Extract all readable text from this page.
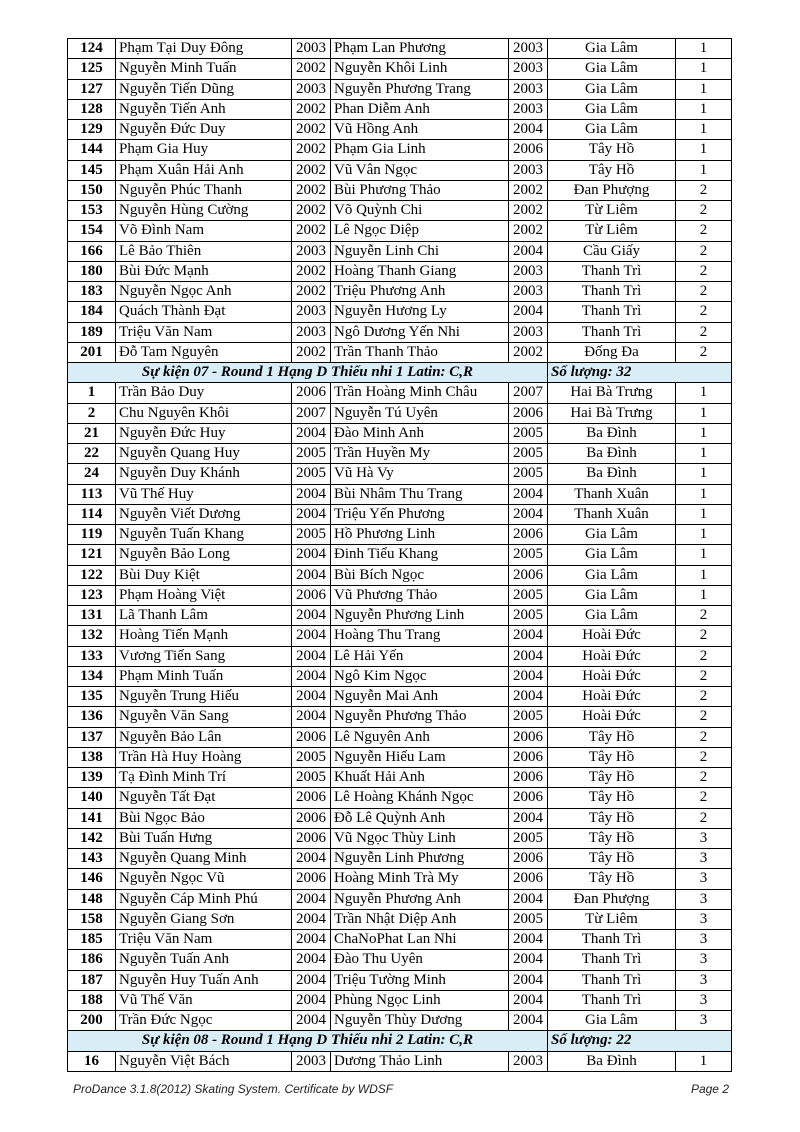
124	Phạm Tại Duy Đông	2003	Phạm Lan Phương	2003	Gia Lâm	1
125	Nguyễn Minh Tuấn	2002	Nguyễn Khôi Linh	2003	Gia Lâm	1
127	Nguyễn Tiến Dũng	2003	Nguyễn Phương Trang	2003	Gia Lâm	1
128	Nguyễn Tiến Anh	2002	Phan Diễm Anh	2003	Gia Lâm	1
129	Nguyễn Đức Duy	2002	Vũ Hồng Anh	2004	Gia Lâm	1
144	Phạm Gia Huy	2002	Phạm Gia Linh	2006	Tây Hồ	1
145	Phạm Xuân Hải Anh	2002	Vũ Vân Ngọc	2003	Tây Hồ	1
150	Nguyễn Phúc Thanh	2002	Bùi Phương Thảo	2002	Đan Phượng	2
153	Nguyễn Hùng Cường	2002	Võ Quỳnh Chi	2002	Từ Liêm	2
154	Võ Đình Nam	2002	Lê Ngọc Diệp	2002	Từ Liêm	2
166	Lê Bảo Thiên	2003	Nguyễn Linh Chi	2004	Cầu Giấy	2
180	Bùi Đức Mạnh	2002	Hoàng Thanh Giang	2003	Thanh Trì	2
183	Nguyễn Ngọc Anh	2002	Triệu Phương Anh	2003	Thanh Trì	2
184	Quách Thành Đạt	2003	Nguyễn Hương Ly	2004	Thanh Trì	2
189	Triệu Văn Nam	2003	Ngô Dương Yến Nhi	2003	Thanh Trì	2
201	Đỗ Tam Nguyên	2002	Trần Thanh Thảo	2002	Đống Đa	2
Sự kiện 07 - Round 1 Hạng D Thiếu nhi 1 Latin: C,R					Số lượng: 32	
1	Trần Bảo Duy	2006	Trần Hoàng Minh Châu	2007	Hai Bà Trưng	1
2	Chu Nguyên Khôi	2007	Nguyễn Tú Uyên	2006	Hai Bà Trưng	1
21	Nguyễn Đức Huy	2004	Đào Minh Anh	2005	Ba Đình	1
22	Nguyễn Quang Huy	2005	Trần Huyền My	2005	Ba Đình	1
24	Nguyễn Duy Khánh	2005	Vũ Hà Vy	2005	Ba Đình	1
113	Vũ Thế Huy	2004	Bùi Nhâm Thu Trang	2004	Thanh Xuân	1
114	Nguyễn Viết Dương	2004	Triệu Yến Phương	2004	Thanh Xuân	1
119	Nguyễn Tuấn Khang	2005	Hồ Phương Linh	2006	Gia Lâm	1
121	Nguyễn Bảo Long	2004	Đinh Tiểu Khang	2005	Gia Lâm	1
122	Bùi Duy Kiệt	2004	Bùi Bích Ngọc	2006	Gia Lâm	1
123	Phạm Hoàng Việt	2006	Vũ Phương Thảo	2005	Gia Lâm	1
131	Lã Thanh Lâm	2004	Nguyễn Phương Linh	2005	Gia Lâm	2
132	Hoàng Tiến Mạnh	2004	Hoàng Thu Trang	2004	Hoài Đức	2
133	Vương Tiến Sang	2004	Lê Hải Yến	2004	Hoài Đức	2
134	Phạm Minh Tuấn	2004	Ngô Kim Ngọc	2004	Hoài Đức	2
135	Nguyễn Trung Hiếu	2004	Nguyễn Mai Anh	2004	Hoài Đức	2
136	Nguyễn Văn Sang	2004	Nguyễn Phương Thảo	2005	Hoài Đức	2
137	Nguyễn Bảo Lân	2006	Lê Nguyên Anh	2006	Tây Hồ	2
138	Trần Hà Huy Hoàng	2005	Nguyễn Hiếu Lam	2006	Tây Hồ	2
139	Tạ Đình Minh Trí	2005	Khuất Hải Anh	2006	Tây Hồ	2
140	Nguyễn Tất Đạt	2006	Lê Hoàng Khánh Ngọc	2006	Tây Hồ	2
141	Bùi Ngọc Bảo	2006	Đỗ Lê Quỳnh Anh	2004	Tây Hồ	2
142	Bùi Tuấn Hưng	2006	Vũ Ngọc Thùy Linh	2005	Tây Hồ	3
143	Nguyễn Quang Minh	2004	Nguyễn Linh Phương	2006	Tây Hồ	3
146	Nguyễn Ngọc Vũ	2006	Hoàng Minh Trà My	2006	Tây Hồ	3
148	Nguyễn Cáp Minh Phú	2004	Nguyễn Phương Anh	2004	Đan Phượng	3
158	Nguyễn Giang Sơn	2004	Trần Nhật Diệp Anh	2005	Từ Liêm	3
185	Triệu Văn Nam	2004	ChaNoPhat Lan Nhi	2004	Thanh Trì	3
186	Nguyễn Tuấn Anh	2004	Đào Thu Uyên	2004	Thanh Trì	3
187	Nguyễn Huy Tuấn Anh	2004	Triệu Tường Minh	2004	Thanh Trì	3
188	Vũ Thế Văn	2004	Phùng Ngọc Linh	2004	Thanh Trì	3
200	Trần Đức Ngọc	2004	Nguyễn Thùy Dương	2004	Gia Lâm	3
Sự kiện 08 - Round 1 Hạng D Thiếu nhi 2 Latin: C,R					Số lượng: 22	
16	Nguyễn Việt Bách	2003	Dương Thảo Linh	2003	Ba Đình	1
ProDance 3.1.8(2012) Skating System. Certificate by WDSF	Page 2
